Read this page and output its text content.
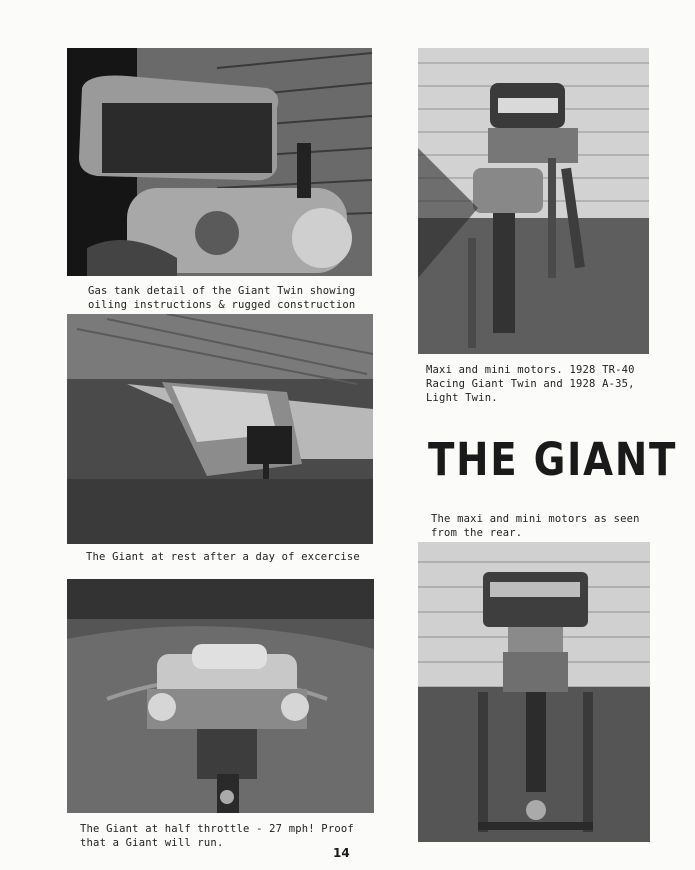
Gas tank detail of the Giant Twin showing
oiling instructions & rugged construction
The Giant at rest after a day of excercise
The Giant at half throttle - 27 mph! Proof
that a Giant will run.
Maxi and mini motors. 1928 TR-40
Racing Giant Twin and 1928 A-35,
Light Twin.
THE GIANT
The maxi and mini motors as seen
from the rear.
14
